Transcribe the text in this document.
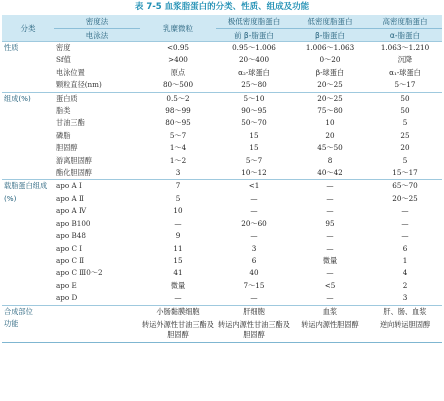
表 7-5 血浆脂蛋白的分类、性质、组成及功能
分类	密度法	乳糜微粒	极低密度脂蛋白	低密度脂蛋白	高密度脂蛋白
	电泳法		前 β-脂蛋白	β-脂蛋白	α-脂蛋白
性质	密度	<0.95	0.95～1.006	1.006～1.063	1.063～1.210
	Sf值	>400	20～400	0～20	沉降
	电泳位置	原点	α₂-球蛋白	β-球蛋白	α₁-球蛋白
	颗粒直径(nm)	80～500	25～80	20～25	5～17
组成(%)	蛋白质	0.5～2	5～10	20～25	50
	脂类	98～99	90～95	75～80	50
	甘油三酯	80～95	50～70	10	5
	磷脂	5～7	15	20	25
	胆固醇	1～4	15	45～50	20
	游离胆固醇	1～2	5～7	8	5
	酯化胆固醇	3	10～12	40～42	15～17
载脂蛋白组成(%)	apo A Ⅰ	7	<1	—	65～70
	apo A Ⅱ	5	—	—	20～25
	apo A Ⅳ	10	—	—	—
	apo B100	—	20～60	95	—
	apo B48	9	—	—	—
	apo C Ⅰ	11	3	—	6
	apo C Ⅱ	15	6	微量	1
	apo C Ⅲ0～2	41	40	—	4
	apo E	微量	7～15	<5	2
	apo D	—	—	—	3
合成部位		小肠黏膜细胞	肝细胞	血浆	肝、肠、血浆
功能		转运外源性甘油三酯及胆固醇	转运内源性甘油三酯及胆固醇	转运内源性胆固醇	逆向转运胆固醇
